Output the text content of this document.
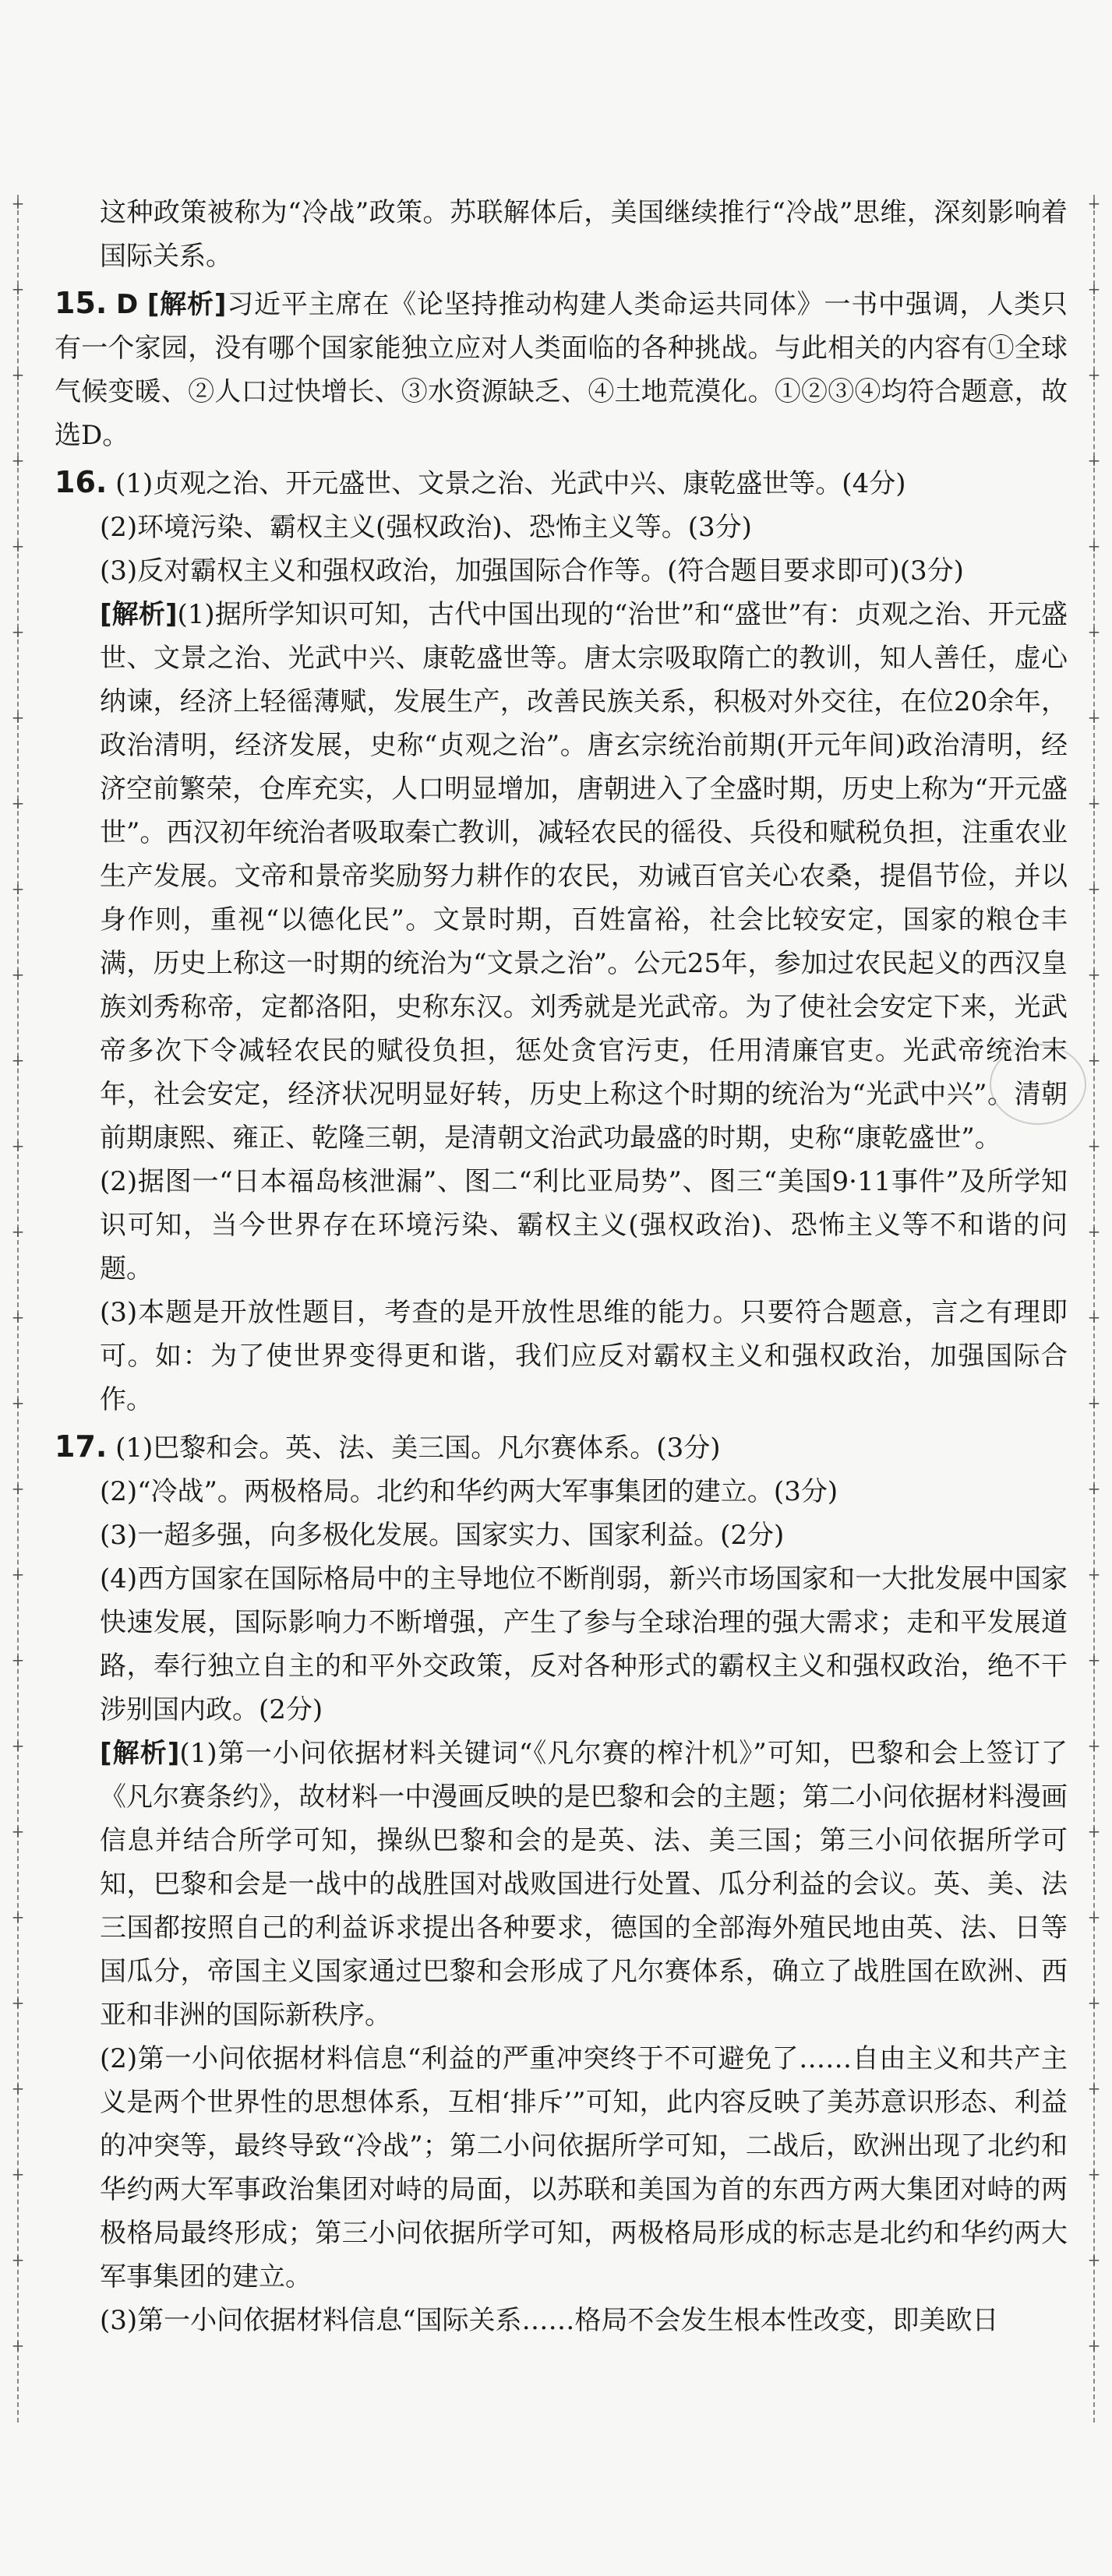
+
+
+
+
+
+
+
+
+
+
+
+
+
+
+
+
+
+
+
+
+
+
+
+
+
+
+
+
+
+
+
+
+
+
+
+
+
+
+
+
+
+
+
+
+
+
+
+
+
+
+
+

这种政策被称为“冷战”政策。苏联解体后，美国继续推行“冷战”思维，深刻影响着国际关系。

15. D [解析]习近平主席在《论坚持推动构建人类命运共同体》一书中强调，人类只有一个家园，没有哪个国家能独立应对人类面临的各种挑战。与此相关的内容有①全球气候变暖、②人口过快增长、③水资源缺乏、④土地荒漠化。①②③④均符合题意，故选D。

16. (1)贞观之治、开元盛世、文景之治、光武中兴、康乾盛世等。(4分)

(2)环境污染、霸权主义(强权政治)、恐怖主义等。(3分)

(3)反对霸权主义和强权政治，加强国际合作等。(符合题目要求即可)(3分)

[解析](1)据所学知识可知，古代中国出现的“治世”和“盛世”有：贞观之治、开元盛世、文景之治、光武中兴、康乾盛世等。唐太宗吸取隋亡的教训，知人善任，虚心纳谏，经济上轻徭薄赋，发展生产，改善民族关系，积极对外交往，在位20余年，政治清明，经济发展，史称“贞观之治”。唐玄宗统治前期(开元年间)政治清明，经济空前繁荣，仓库充实，人口明显增加，唐朝进入了全盛时期，历史上称为“开元盛世”。西汉初年统治者吸取秦亡教训，减轻农民的徭役、兵役和赋税负担，注重农业生产发展。文帝和景帝奖励努力耕作的农民，劝诫百官关心农桑，提倡节俭，并以身作则，重视“以德化民”。文景时期，百姓富裕，社会比较安定，国家的粮仓丰满，历史上称这一时期的统治为“文景之治”。公元25年，参加过农民起义的西汉皇族刘秀称帝，定都洛阳，史称东汉。刘秀就是光武帝。为了使社会安定下来，光武帝多次下令减轻农民的赋役负担，惩处贪官污吏，任用清廉官吏。光武帝统治末年，社会安定，经济状况明显好转，历史上称这个时期的统治为“光武中兴”。清朝前期康熙、雍正、乾隆三朝，是清朝文治武功最盛的时期，史称“康乾盛世”。

(2)据图一“日本福岛核泄漏”、图二“利比亚局势”、图三“美国9·11事件”及所学知识可知，当今世界存在环境污染、霸权主义(强权政治)、恐怖主义等不和谐的问题。

(3)本题是开放性题目，考查的是开放性思维的能力。只要符合题意，言之有理即可。如：为了使世界变得更和谐，我们应反对霸权主义和强权政治，加强国际合作。

17. (1)巴黎和会。英、法、美三国。凡尔赛体系。(3分)

(2)“冷战”。两极格局。北约和华约两大军事集团的建立。(3分)

(3)一超多强，向多极化发展。国家实力、国家利益。(2分)

(4)西方国家在国际格局中的主导地位不断削弱，新兴市场国家和一大批发展中国家快速发展，国际影响力不断增强，产生了参与全球治理的强大需求；走和平发展道路，奉行独立自主的和平外交政策，反对各种形式的霸权主义和强权政治，绝不干涉别国内政。(2分)

[解析](1)第一小问依据材料关键词“《凡尔赛的榨汁机》”可知，巴黎和会上签订了《凡尔赛条约》，故材料一中漫画反映的是巴黎和会的主题；第二小问依据材料漫画信息并结合所学可知，操纵巴黎和会的是英、法、美三国；第三小问依据所学可知，巴黎和会是一战中的战胜国对战败国进行处置、瓜分利益的会议。英、美、法三国都按照自己的利益诉求提出各种要求，德国的全部海外殖民地由英、法、日等国瓜分，帝国主义国家通过巴黎和会形成了凡尔赛体系，确立了战胜国在欧洲、西亚和非洲的国际新秩序。

(2)第一小问依据材料信息“利益的严重冲突终于不可避免了……自由主义和共产主义是两个世界性的思想体系，互相‘排斥’”可知，此内容反映了美苏意识形态、利益的冲突等，最终导致“冷战”；第二小问依据所学可知，二战后，欧洲出现了北约和华约两大军事政治集团对峙的局面，以苏联和美国为首的东西方两大集团对峙的两极格局最终形成；第三小问依据所学可知，两极格局形成的标志是北约和华约两大军事集团的建立。

(3)第一小问依据材料信息“国际关系……格局不会发生根本性改变，即美欧日
